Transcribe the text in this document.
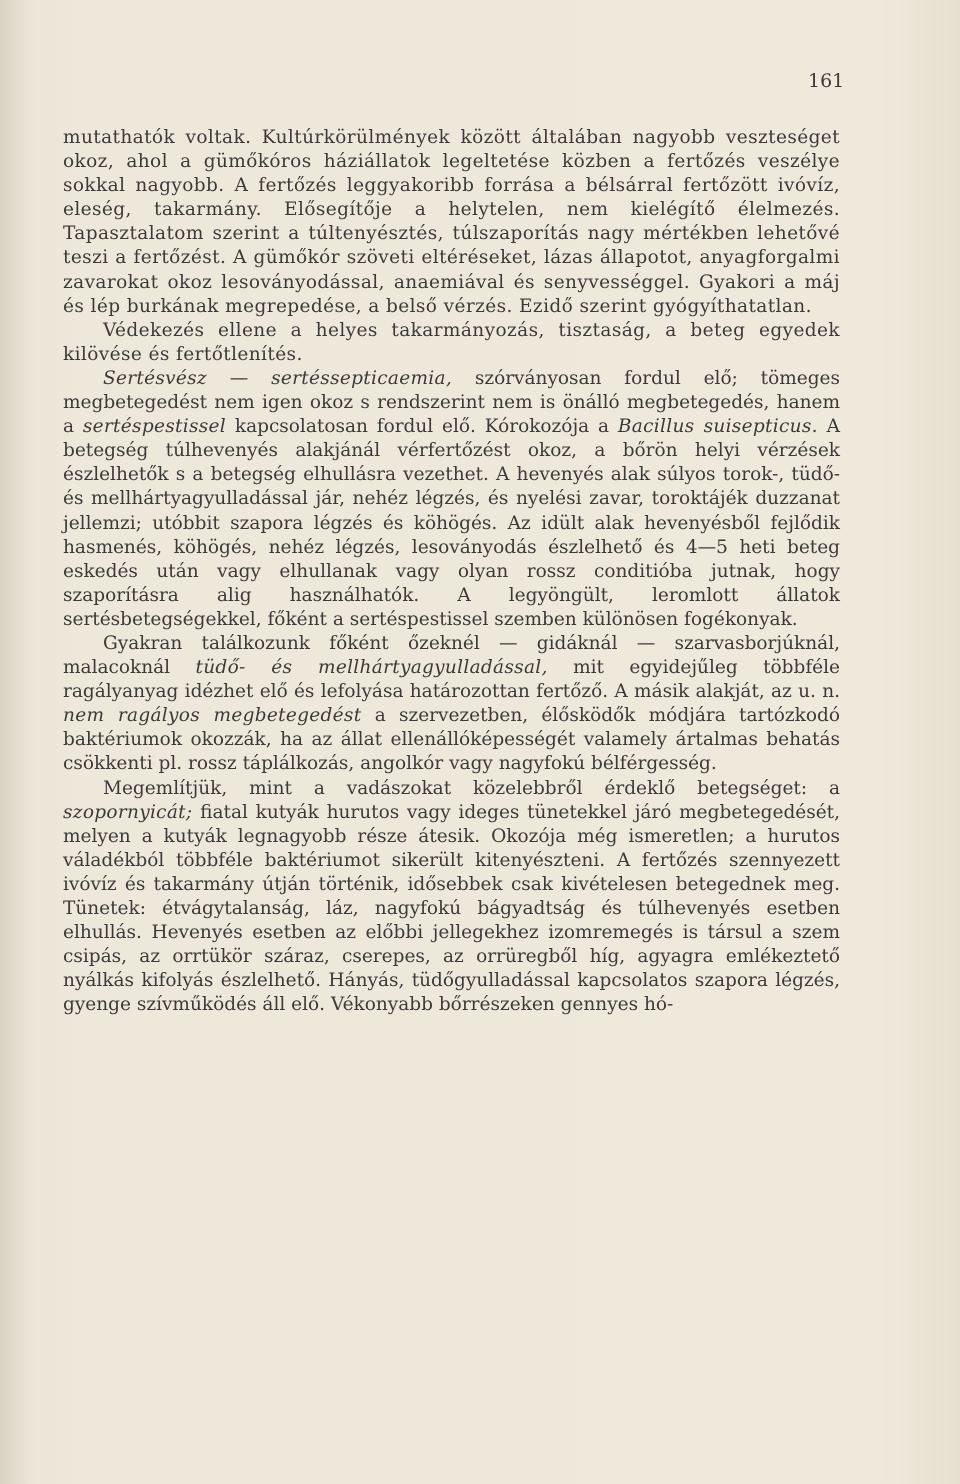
161

mutathatók voltak. Kultúrkörülmények között általában nagyobb veszteséget okoz, ahol a gümőkóros háziállatok legeltetése közben a fertőzés veszélye sokkal nagyobb. A fertőzés leggyakoribb forrása a bélsárral fertőzött ivóvíz, eleség, takarmány. Elősegítője a helytelen, nem kielégítő élelmezés. Tapasztalatom szerint a túltenyésztés, túlszaporítás nagy mértékben lehetővé teszi a fertőzést. A gümőkór szöveti eltéréseket, lázas állapotot, anyagforgalmi zavarokat okoz lesoványodással, anaemiával és senyvességgel. Gyakori a máj és lép burkának megrepedése, a belső vérzés. Ezidő szerint gyógyíthatatlan.

Védekezés ellene a helyes takarmányozás, tisztaság, a beteg egyedek kilövése és fertőtlenítés.

Sertésvész — sertéssepticaemia, szórványosan fordul elő; tömeges megbetegedést nem igen okoz s rendszerint nem is önálló megbetegedés, hanem a sertéspestissel kapcsolatosan fordul elő. Kórokozója a Bacillus suisepticus. A betegség túlhevenyés alakjánál vérfertőzést okoz, a bőrön helyi vérzések észlelhetők s a betegség elhullásra vezethet. A hevenyés alak súlyos torok-, tüdő- és mellhártyagyulladással jár, nehéz légzés, és nyelési zavar, toroktájék duzzanat jellemzi; utóbbit szapora légzés és köhögés. Az idült alak hevenyésből fejlődik hasmenés, köhögés, nehéz légzés, lesoványodás észlelhető és 4—5 heti beteg eskedés után vagy elhullanak vagy olyan rossz conditióba jutnak, hogy szaporításra alig használhatók. A legyöngült, leromlott állatok sertésbetegségekkel, főként a sertéspestissel szemben különösen fogékonyak.

Gyakran találkozunk főként őzeknél — gidáknál — szarvasborjúknál, malacoknál tüdő- és mellhártyagyulladással, mit egyidejűleg többféle ragályanyag idézhet elő és lefolyása határozottan fertőző. A másik alakját, az u. n. nem ragályos megbetegedést a szervezetben, élősködők módjára tartózkodó baktériumok okozzák, ha az állat ellenállóképességét valamely ártalmas behatás csökkenti pl. rossz táplálkozás, angolkór vagy nagyfokú bélférgesség.

Megemlítjük, mint a vadászokat közelebbről érdeklő betegséget: a szopornyicát; fiatal kutyák hurutos vagy ideges tünetekkel járó megbetegedését, melyen a kutyák legnagyobb része átesik. Okozója még ismeretlen; a hurutos váladékból többféle baktériumot sikerült kitenyészteni. A fertőzés szennyezett ivóvíz és takarmány útján történik, idősebbek csak kivételesen betegednek meg. Tünetek: étvágytalanság, láz, nagyfokú bágyadtság és túlhevenyés esetben elhullás. Hevenyés esetben az előbbi jellegekhez izomremegés is társul a szem csipás, az orrtükör száraz, cserepes, az orrüregből híg, agyagra emlékeztető nyálkás kifolyás észlelhető. Hányás, tüdőgyulladással kapcsolatos szapora légzés, gyenge szívműködés áll elő. Vékonyabb bőrrészeken gennyes hó-
